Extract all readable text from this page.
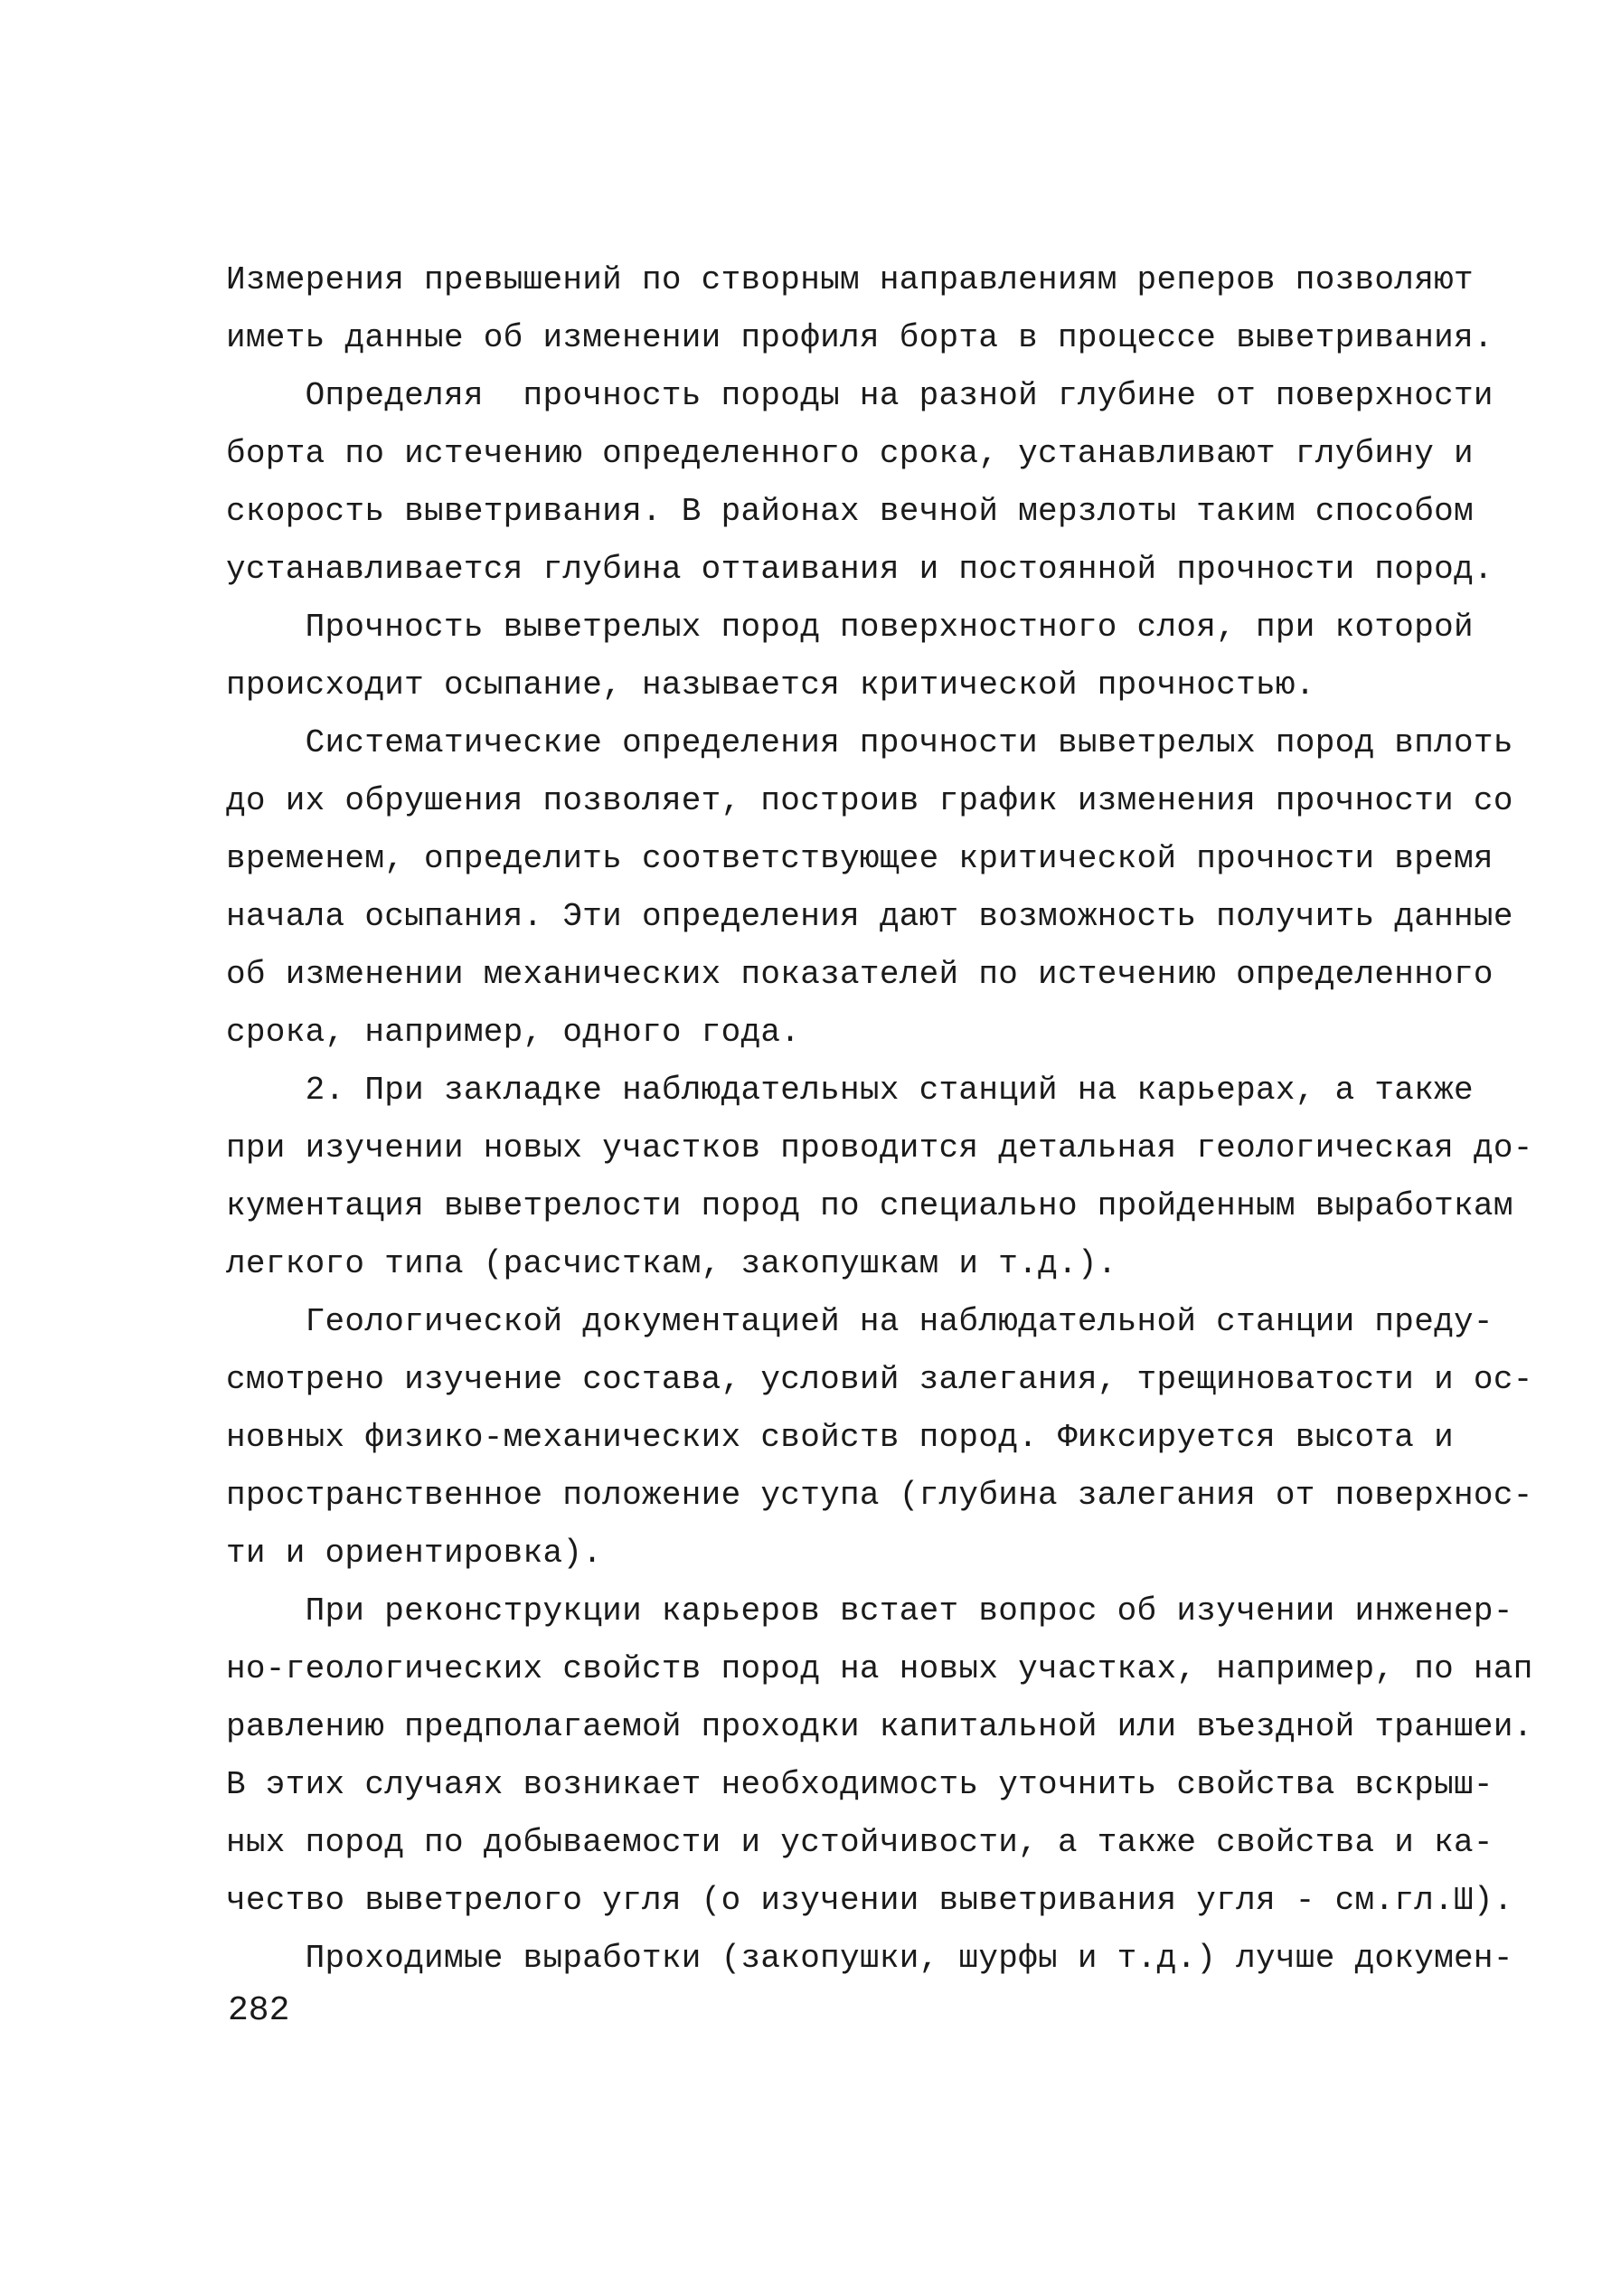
Измерения превышений по створным направлениям реперов позволяют
иметь данные об изменении профиля борта в процессе выветривания.
Определяя  прочность породы на разной глубине от поверхности
борта по истечению определенного срока, устанавливают глубину и
скорость выветривания. В районах вечной мерзлоты таким способом
устанавливается глубина оттаивания и постоянной прочности пород.
Прочность выветрелых пород поверхностного слоя, при которой
происходит осыпание, называется критической прочностью.
Систематические определения прочности выветрелых пород вплоть
до их обрушения позволяет, построив график изменения прочности со
временем, определить соответствующее критической прочности время
начала осыпания. Эти определения дают возможность получить данные
об изменении механических показателей по истечению определенного
срока, например, одного года.
2. При закладке наблюдательных станций на карьерах, а также
при изучении новых участков проводится детальная геологическая до-
кументация выветрелости пород по специально пройденным выработкам
легкого типа (расчисткам, закопушкам и т.д.).
Геологической документацией на наблюдательной станции преду-
смотрено изучение состава, условий залегания, трещиноватости и ос-
новных физико-механических свойств пород. Фиксируется высота и
пространственное положение уступа (глубина залегания от поверхнос-
ти и ориентировка).
При реконструкции карьеров встает вопрос об изучении инженер-
но-геологических свойств пород на новых участках, например, по нап
равлению предполагаемой проходки капитальной или въездной траншеи.
В этих случаях возникает необходимость уточнить свойства вскрыш-
ных пород по добываемости и устойчивости, а также свойства и ка-
чество выветрелого угля (о изучении выветривания угля - см.гл.Ш).
Проходимые выработки (закопушки, шурфы и т.д.) лучше докумен-
282
